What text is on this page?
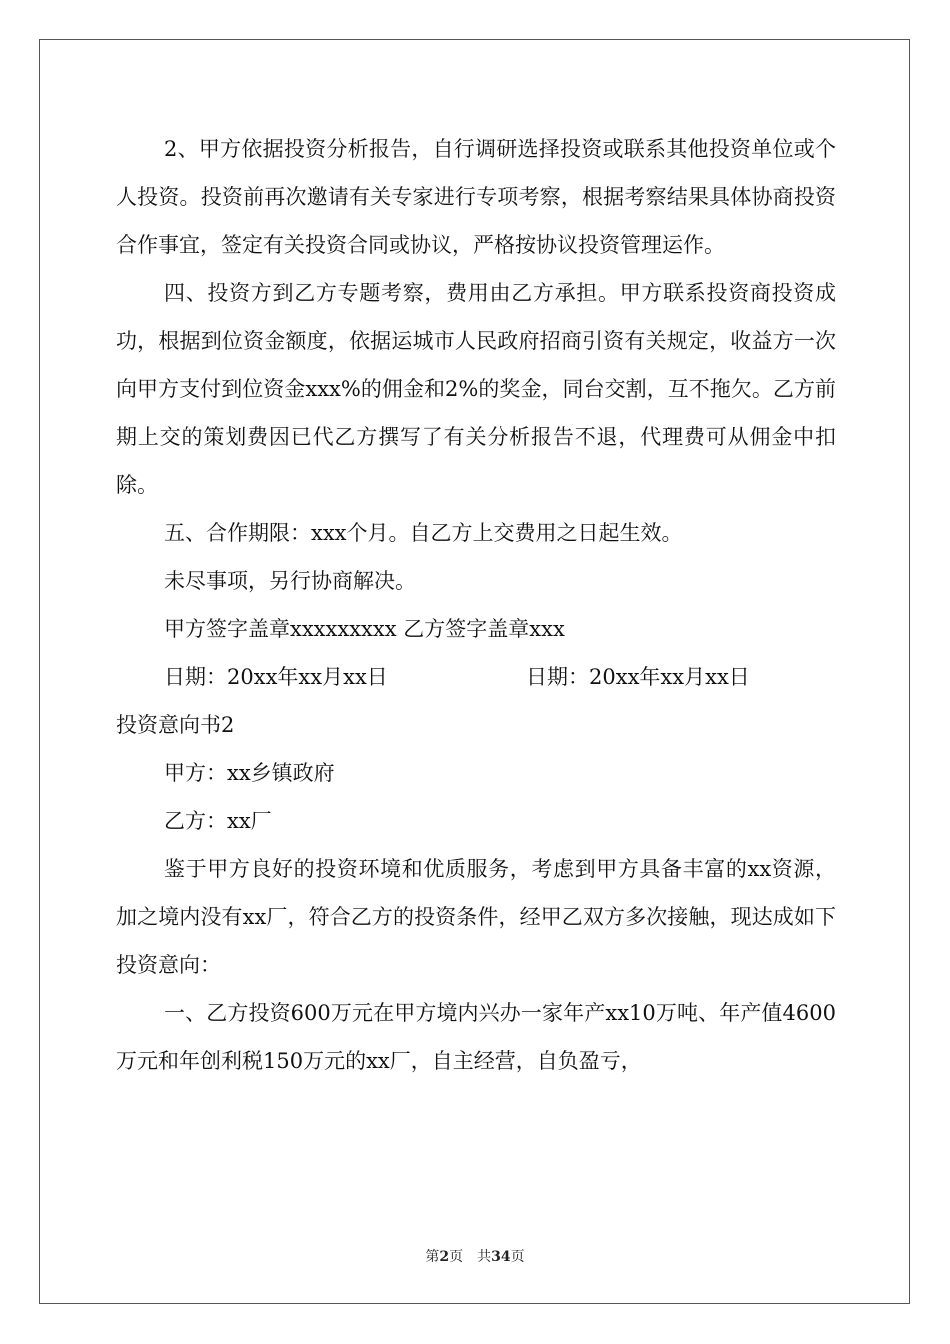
2、甲方依据投资分析报告，自行调研选择投资或联系其他投资单位或个人投资。投资前再次邀请有关专家进行专项考察，根据考察结果具体协商投资合作事宜，签定有关投资合同或协议，严格按协议投资管理运作。

四、投资方到乙方专题考察，费用由乙方承担。甲方联系投资商投资成功，根据到位资金额度，依据运城市人民政府招商引资有关规定，收益方一次向甲方支付到位资金xxx%的佣金和2%的奖金，同台交割，互不拖欠。乙方前期上交的策划费因已代乙方撰写了有关分析报告不退，代理费可从佣金中扣除。

五、合作期限：xxx个月。自乙方上交费用之日起生效。

未尽事项，另行协商解决。

甲方签字盖章xxxxxxxxx 乙方签字盖章xxx

日期：20xx年xx月xx日	日期：20xx年xx月xx日

投资意向书2

甲方：xx乡镇政府

乙方：xx厂

鉴于甲方良好的投资环境和优质服务，考虑到甲方具备丰富的xx资源，加之境内没有xx厂，符合乙方的投资条件，经甲乙双方多次接触，现达成如下投资意向：

一、乙方投资600万元在甲方境内兴办一家年产xx10万吨、年产值4600万元和年创利税150万元的xx厂，自主经营，自负盈亏，

第2页　共34页
